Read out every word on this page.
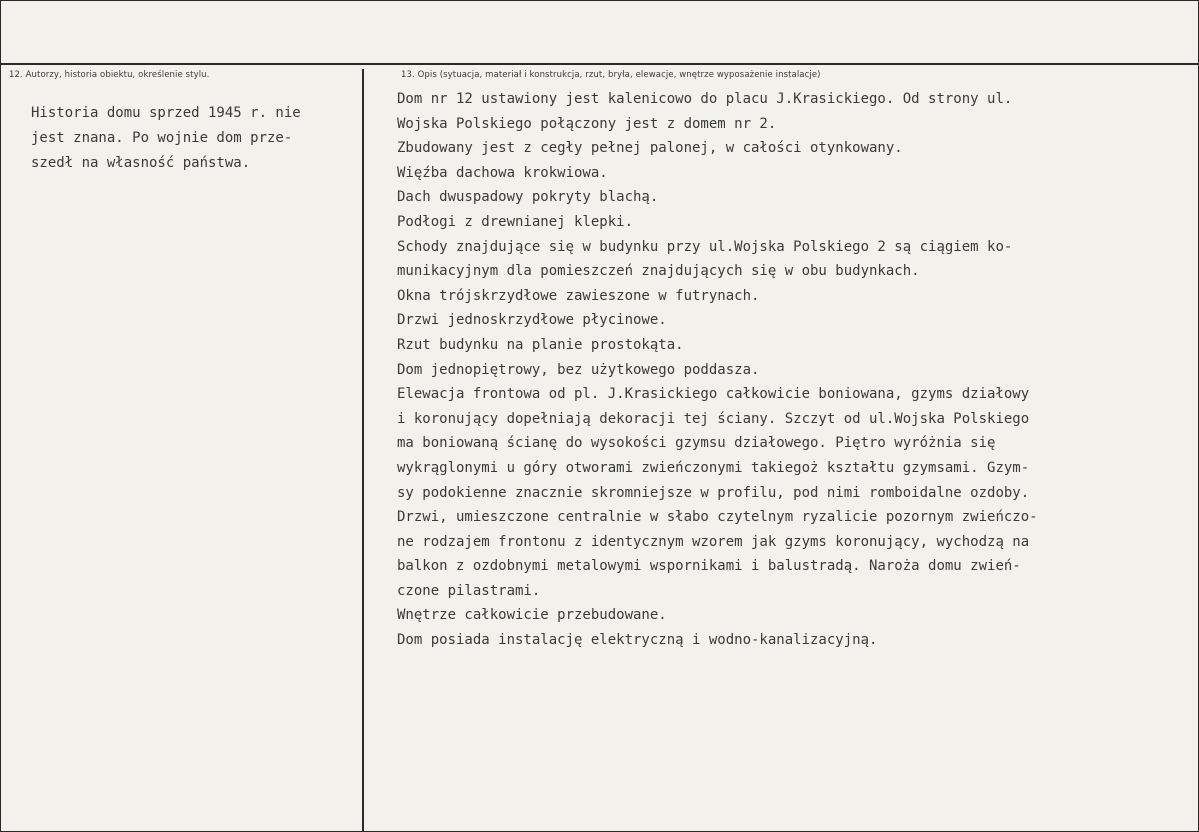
12. Autorzy, historia obiektu, określenie stylu.	13. Opis (sytuacja, materiał i konstrukcja, rzut, bryła, elewacje, wnętrze wyposażenie instalacje)
Historia domu sprzed 1945 r. nie
jest znana. Po wojnie dom prze-
szedł na własność państwa.
Dom nr 12 ustawiony jest kalenicowo do placu J.Krasickiego. Od strony ul.
Wojska Polskiego połączony jest z domem nr 2.
Zbudowany jest z cegły pełnej palonej, w całości otynkowany.
Więźba dachowa krokwiowa.
Dach dwuspadowy pokryty blachą.
Podłogi z drewnianej klepki.
Schody znajdujące się w budynku przy ul.Wojska Polskiego 2 są ciągiem ko-
munikacyjnym dla pomieszczeń znajdujących się w obu budynkach.
Okna trójskrzydłowe zawieszone w futrynach.
Drzwi jednoskrzydłowe płycinowe.
Rzut budynku na planie prostokąta.
Dom jednopiętrowy, bez użytkowego poddasza.
Elewacja frontowa od pl. J.Krasickiego całkowicie boniowana, gzyms działowy
i koronujący dopełniają dekoracji tej ściany. Szczyt od ul.Wojska Polskiego
ma boniowaną ścianę do wysokości gzymsu działowego. Piętro wyróżnia się
wykrąglonymi u góry otworami zwieńczonymi takiegoż kształtu gzymsami. Gzym-
sy podokienne znacznie skromniejsze w profilu, pod nimi romboidalne ozdoby.
Drzwi, umieszczone centralnie w słabo czytelnym ryzalicie pozornym zwieńczo-
ne rodzajem frontonu z identycznym wzorem jak gzyms koronujący, wychodzą na
balkon z ozdobnymi metalowymi wspornikami i balustradą. Naroża domu zwień-
czone pilastrami.
Wnętrze całkowicie przebudowane.
Dom posiada instalację elektryczną i wodno-kanalizacyjną.
